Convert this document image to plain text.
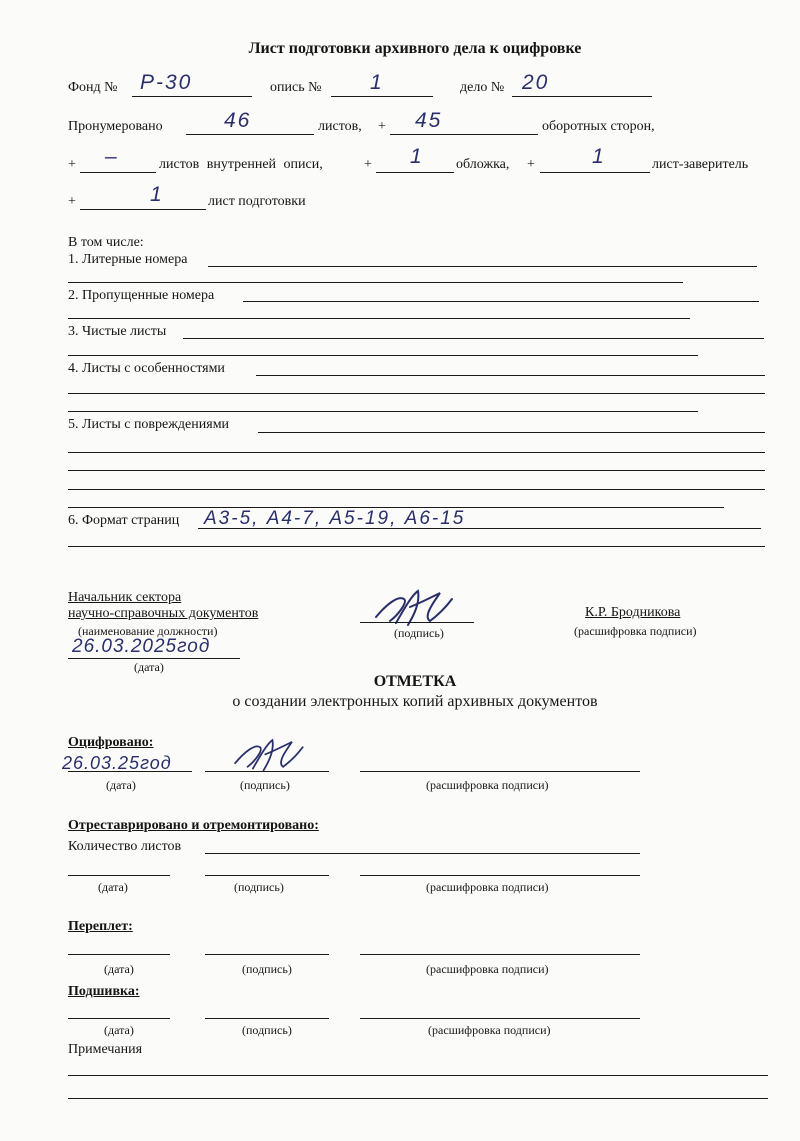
Лист подготовки архивного дела к оцифровке
Фонд № Р-30	опись № 1	дело № 20
Пронумеровано	46	листов, + 45	оборотных сторон,
+ –	листов внутренней описи,	+ 1 обложка, +	1	лист-заверитель
+	1	лист подготовки
В том числе:
1. Литерные номера
2. Пропущенные номера
3. Чистые листы
4. Листы с особенностями
5. Листы с повреждениями
6. Формат страниц А3-5, А4-7, А5-19, А6-15
Начальник сектора
научно-справочных документов
(наименование должности)	(подпись)
К.Р. Бродникова
(расшифровка подписи)
26.03.2025год
(дата)
ОТМЕТКА
о создании электронных копий архивных документов
Оцифровано:
26.03.25год
(дата)	(подпись)	(расшифровка подписи)
Отреставрировано и отремонтировано:
Количество листов
(дата)	(подпись)	(расшифровка подписи)
Переплет:
(дата)	(подпись)	(расшифровка подписи)
Подшивка:
(дата)	(подпись)	(расшифровка подписи)
Примечания
